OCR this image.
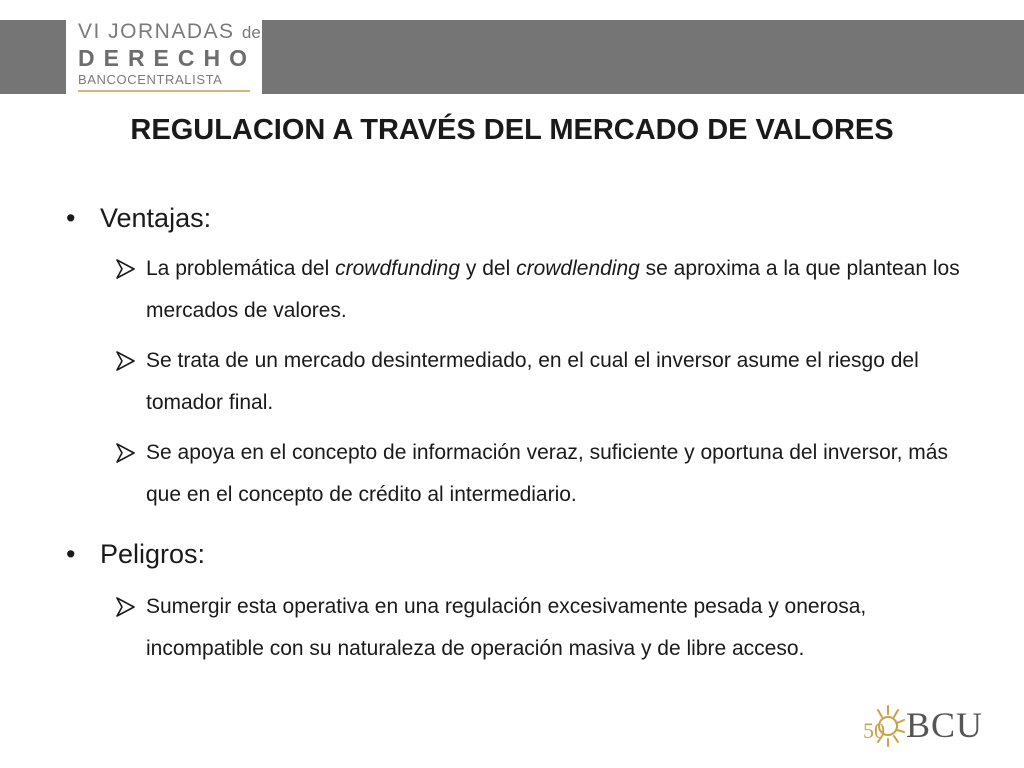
VI JORNADAS de
DERECHO
BANCOCENTRALISTA
REGULACION A TRAVÉS DEL MERCADO DE VALORES
• Ventajas:
La problemática del crowdfunding y del crowdlending se aproxima a la que plantean los mercados de valores.
Se trata de un mercado desintermediado, en el cual el inversor asume el riesgo del tomador final.
Se apoya en el concepto de información veraz, suficiente y oportuna del inversor, más que en el concepto de crédito al intermediario.
• Peligros:
Sumergir esta operativa en una regulación excesivamente pesada y onerosa, incompatible con su naturaleza de operación masiva y de libre acceso.
50 BCU
